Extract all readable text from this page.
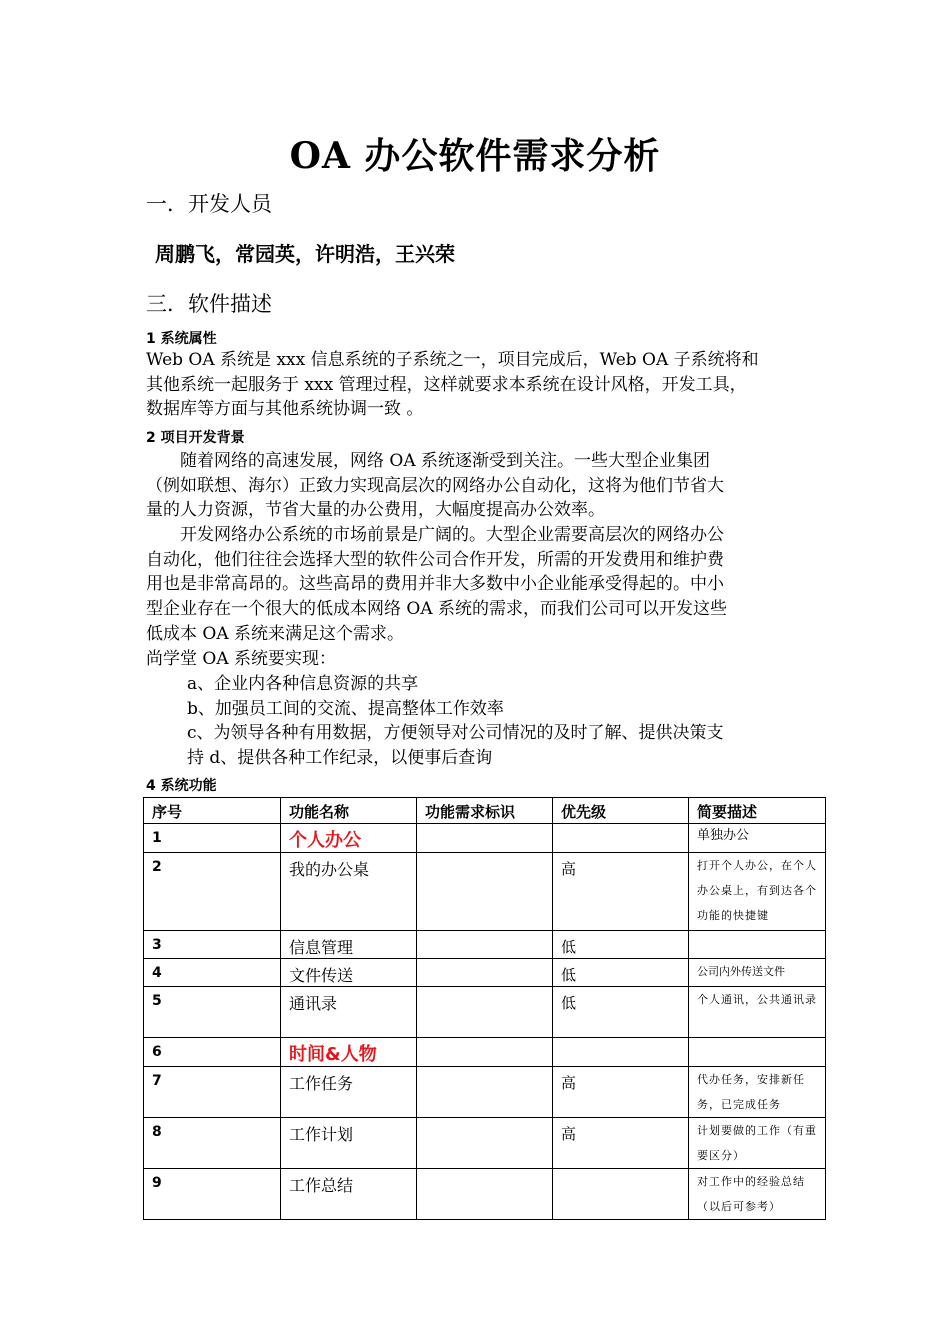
OA 办公软件需求分析
一．开发人员
周鹏飞，常园英，许明浩，王兴荣
三．软件描述
1 系统属性
Web OA 系统是 xxx 信息系统的子系统之一，项目完成后，Web OA 子系统将和
其他系统一起服务于 xxx 管理过程，这样就要求本系统在设计风格，开发工具，
数据库等方面与其他系统协调一致 。
2 项目开发背景
随着网络的高速发展，网络 OA 系统逐渐受到关注。一些大型企业集团
（例如联想、海尔）正致力实现高层次的网络办公自动化，这将为他们节省大
量的人力资源，节省大量的办公费用，大幅度提高办公效率。
开发网络办公系统的市场前景是广阔的。大型企业需要高层次的网络办公
自动化，他们往往会选择大型的软件公司合作开发，所需的开发费用和维护费
用也是非常高昂的。这些高昂的费用并非大多数中小企业能承受得起的。中小
型企业存在一个很大的低成本网络 OA 系统的需求，而我们公司可以开发这些
低成本 OA 系统来满足这个需求。
尚学堂 OA 系统要实现：
a、企业内各种信息资源的共享
b、加强员工间的交流、提高整体工作效率
c、为领导各种有用数据，方便领导对公司情况的及时了解、提供决策支
持 d、提供各种工作纪录，以便事后查询
4 系统功能
序号	功能名称	功能需求标识	优先级	简要描述
1	个人办公			单独办公
2	我的办公桌		高	打开个人办公，在个人办公桌上，有到达各个功能的快捷键
3	信息管理		低	
4	文件传送		低	公司内外传送文件
5	通讯录		低	个人通讯，公共通讯录
6	时间&人物			
7	工作任务		高	代办任务，安排新任务，已完成任务
8	工作计划		高	计划要做的工作（有重要区分）
9	工作总结			对工作中的经验总结（以后可参考）
